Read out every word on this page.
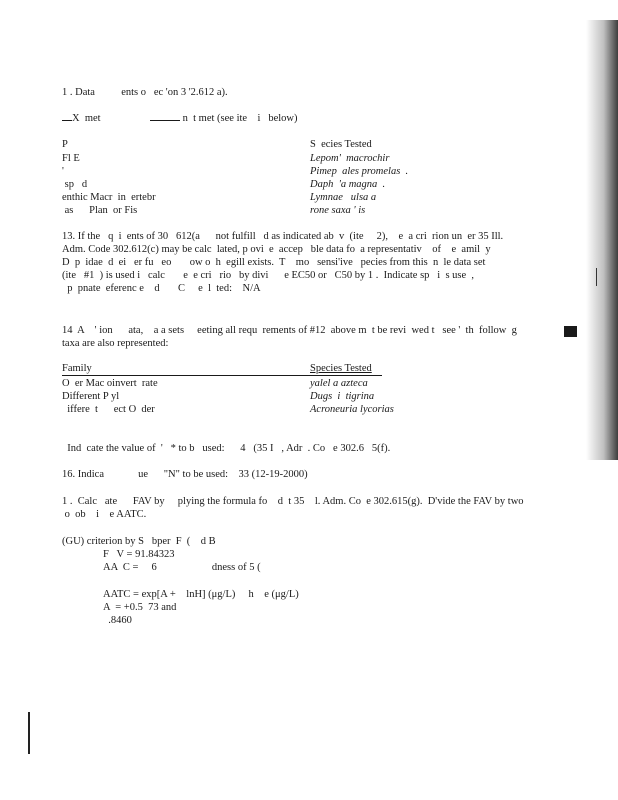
1 . Data          ents o   ec 'on 3 '2.612 a).
X  met	n  t met (see ite    i   below)
P	S  ecies Tested
Fl E	Lepom'  macrochir
'	Pimep  ales promelas  .
sp   d	Daph  'a magna  .
enthic Macr  in  ertebr	Lymnae   ulsa a
as      Plan  or Fis	rone saxa ' is
13. If the   q  i  ents of 30   612(a      not fulfill   d as indicated ab  v  (ite     2),    e  a cri  rion un  er 35 Ill.
Adm. Code 302.612(c) may be calc  lated, p ovi  e  accep   ble data fo  a representativ    of    e  amil  y
D  p  idae  d  ei   er fu   eo       ow o  h  egill exists.  T    mo   sensi'ive   pecies from this  n  le data set
(ite   #1  ) is used i   calc       e  e cri   rio   by divi      e EC50 or   C50 by 1 .  Indicate sp   i  s use  ,
p  pnate  eferenc e    d       C     e  l  ted:    N/A
14  A    ' ion      ata,    a a sets     eeting all requ  rements of #12  above m  t be revi  wed t   see '  th  follow  g
taxa are also represented:
Family	Species Tested
O  er Mac oinvert  rate	yalel a azteca
Different P yl	Dugs  i  tigrina
iffere  t      ect O  der	Acroneuria lycorias
Ind  cate the value of  '   * to b   used:      4   (35 I   , Adr  . Co   e 302.6   5(f).
16. Indica             ue      "N" to be used:    33 (12-19-2000)
1 .  Calc   ate      FAV by     plying the formula fo    d  t 35    l. Adm. Co  e 302.615(g).  D'vide the FAV by two
o  ob    i    e AATC.
(GU) criterion by S   bper  F  (    d B
F   V = 91.84323
AA  C =     6                     dness of 5 (
AATC = exp[A +    lnH] (μg/L)     h    e (μg/L)
A  = +0.5  73 and
.8460
